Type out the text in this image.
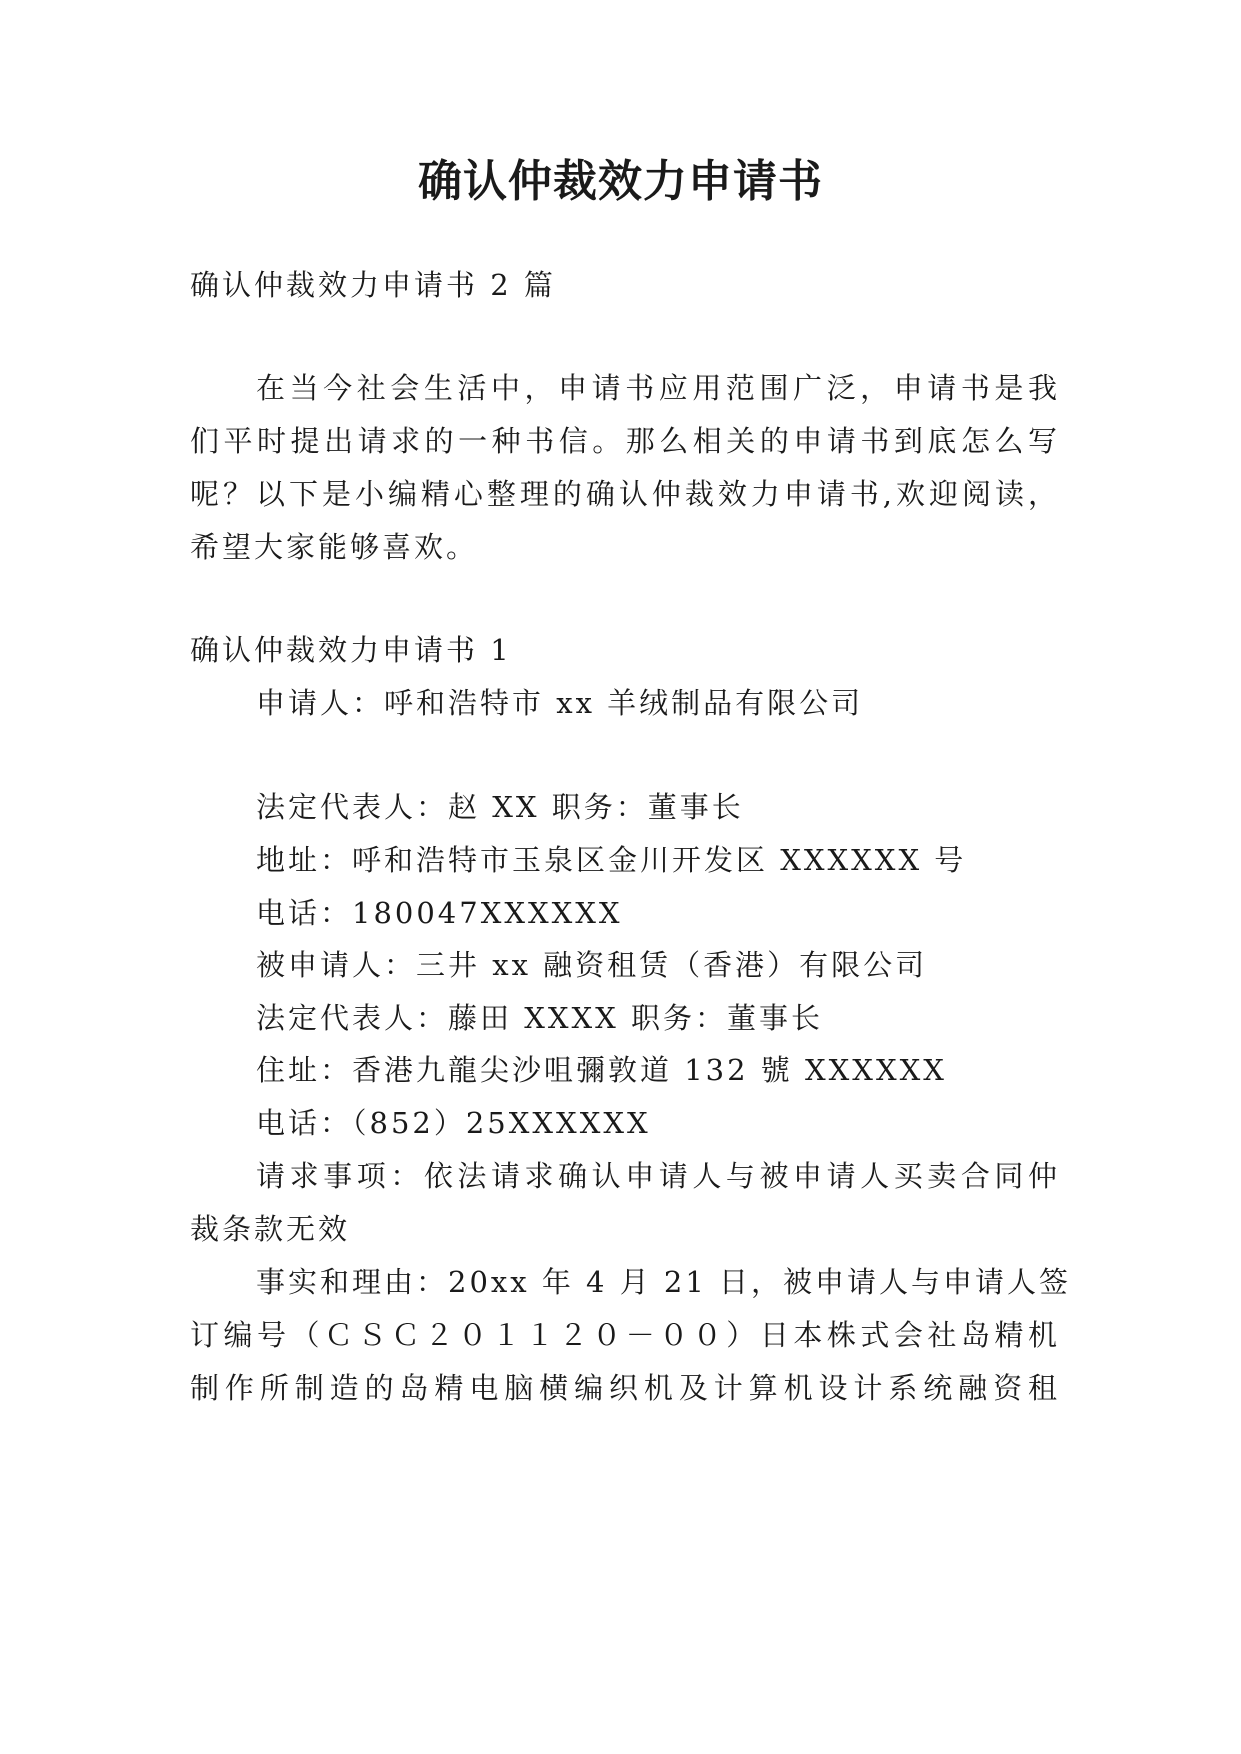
确认仲裁效力申请书

确认仲裁效力申请书 2 篇

在当今社会生活中，申请书应用范围广泛，申请书是我

们平时提出请求的一种书信。那么相关的申请书到底怎么写

呢？以下是小编精心整理的确认仲裁效力申请书,欢迎阅读，

希望大家能够喜欢。

确认仲裁效力申请书 1

申请人：呼和浩特市 xx 羊绒制品有限公司

法定代表人：赵 XX 职务：董事长

地址：呼和浩特市玉泉区金川开发区 XXXXXX 号

电话：180047XXXXXX

被申请人：三井 xx 融资租赁（香港）有限公司

法定代表人：藤田 XXXX 职务：董事长

住址：香港九龍尖沙咀彌敦道 132 號 XXXXXX

电话：（852）25XXXXXX

请求事项：依法请求确认申请人与被申请人买卖合同仲

裁条款无效

事实和理由：20xx 年 4 月 21 日，被申请人与申请人签

订编号（ＣＳＣ２０１１２０－００）日本株式会社岛精机

制作所制造的岛精电脑横编织机及计算机设计系统融资租
